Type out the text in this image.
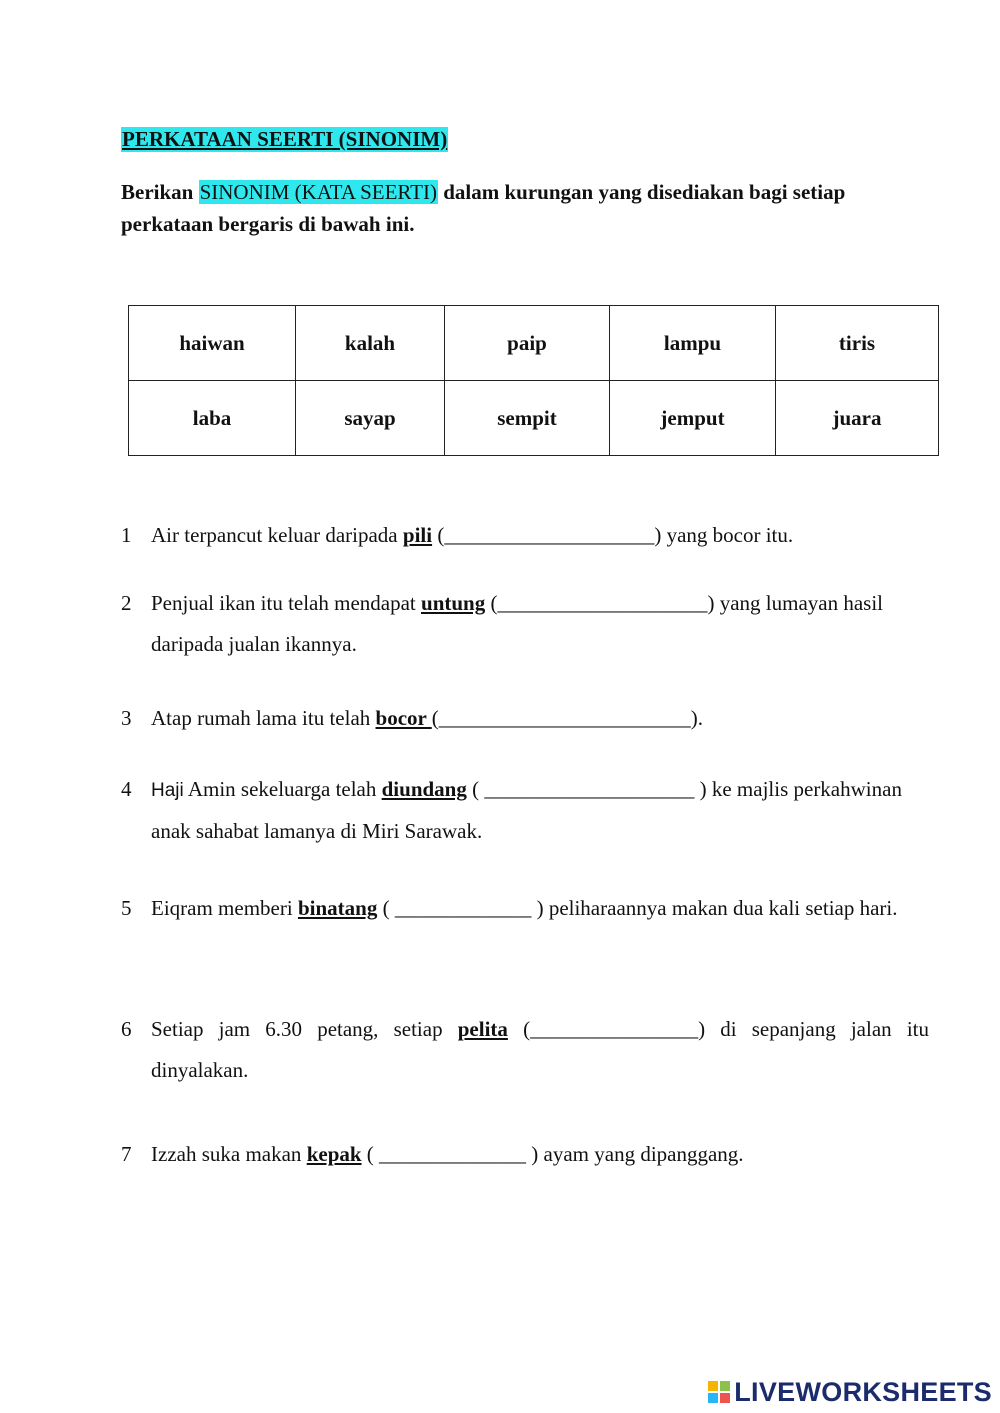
PERKATAAN SEERTI (SINONIM)
Berikan SINONIM (KATA SEERTI) dalam kurungan yang disediakan bagi setiap perkataan bergaris di bawah ini.
haiwan	kalah	paip	lampu	tiris
laba	sayap	sempit	jemput	juara
1 Air terpancut keluar daripada pili (____________________) yang bocor itu.
2 Penjual ikan itu telah mendapat untung (____________________) yang lumayan hasil daripada jualan ikannya.
3 Atap rumah lama itu telah bocor (________________________).
4 Haji Amin sekeluarga telah diundang ( ____________________ ) ke majlis perkahwinan anak sahabat lamanya di Miri Sarawak.
5 Eiqram memberi binatang ( _____________ ) peliharaannya makan dua kali setiap hari.
6 Setiap jam 6.30 petang, setiap pelita (________________) di sepanjang jalan itu dinyalakan.
7 Izzah suka makan kepak ( ______________ ) ayam yang dipanggang.
LIVEWORKSHEETS
